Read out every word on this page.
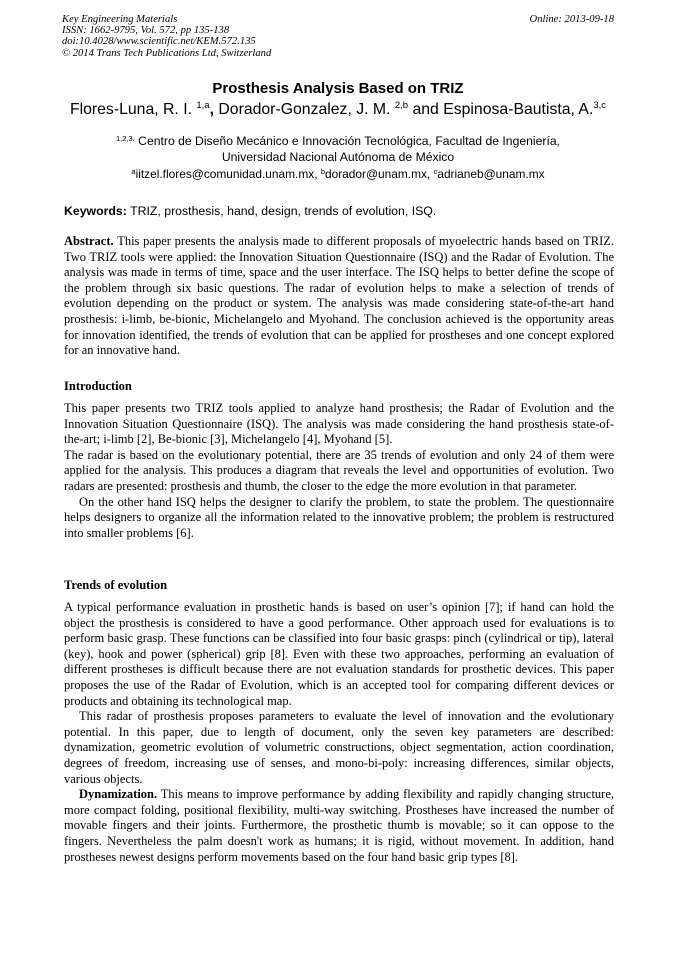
Key Engineering Materials
ISSN: 1662-9795, Vol. 572, pp 135-138
doi:10.4028/www.scientific.net/KEM.572.135
© 2014 Trans Tech Publications Ltd, Switzerland
Online: 2013-09-18
Prosthesis Analysis Based on TRIZ
Flores-Luna, R. I. $^{1,a}$, Dorador-Gonzalez, J. M. $^{2,b}$ and Espinosa-Bautista, A.$^{3,c}$
$^{1,2,3.}$ Centro de Diseño Mecánico e Innovación Tecnológica, Facultad de Ingeniería,
Universidad Nacional Autónoma de México
$^a$iitzel.flores@comunidad.unam.mx, $^b$dorador@unam.mx, $^c$adrianeb@unam.mx
Keywords: TRIZ, prosthesis, hand, design, trends of evolution, ISQ.

Abstract. This paper presents the analysis made to different proposals of myoelectric hands based on TRIZ. Two TRIZ tools were applied: the Innovation Situation Questionnaire (ISQ) and the Radar of Evolution. The analysis was made in terms of time, space and the user interface. The ISQ helps to better define the scope of the problem through six basic questions. The radar of evolution helps to make a selection of trends of evolution depending on the product or system. The analysis was made considering state-of-the-art hand prosthesis: i-limb, be-bionic, Michelangelo and Myohand. The conclusion achieved is the opportunity areas for innovation identified, the trends of evolution that can be applied for prostheses and one concept explored for an innovative hand.

Introduction

This paper presents two TRIZ tools applied to analyze hand prosthesis; the Radar of Evolution and the Innovation Situation Questionnaire (ISQ). The analysis was made considering the hand prosthesis state-of-the-art; i-limb [2], Be-bionic [3], Michelangelo [4], Myohand [5].

The radar is based on the evolutionary potential, there are 35 trends of evolution and only 24 of them were applied for the analysis. This produces a diagram that reveals the level and opportunities of evolution. Two radars are presented: prosthesis and thumb, the closer to the edge the more evolution in that parameter.

On the other hand ISQ helps the designer to clarify the problem, to state the problem. The questionnaire helps designers to organize all the information related to the innovative problem; the problem is restructured into smaller problems [6].

Trends of evolution

A typical performance evaluation in prosthetic hands is based on user’s opinion [7]; if hand can hold the object the prosthesis is considered to have a good performance. Other approach used for evaluations is to perform basic grasp. These functions can be classified into four basic grasps: pinch (cylindrical or tip), lateral (key), hook and power (spherical) grip [8]. Even with these two approaches, performing an evaluation of different prostheses is difficult because there are not evaluation standards for prosthetic devices. This paper proposes the use of the Radar of Evolution, which is an accepted tool for comparing different devices or products and obtaining its technological map.

This radar of prosthesis proposes parameters to evaluate the level of innovation and the evolutionary potential. In this paper, due to length of document, only the seven key parameters are described: dynamization, geometric evolution of volumetric constructions, object segmentation, action coordination, degrees of freedom, increasing use of senses, and mono-bi-poly: increasing differences, similar objects, various objects.

Dynamization. This means to improve performance by adding flexibility and rapidly changing structure, more compact folding, positional flexibility, multi-way switching. Prostheses have increased the number of movable fingers and their joints. Furthermore, the prosthetic thumb is movable; so it can oppose to the fingers. Nevertheless the palm doesn't work as humans; it is rigid, without movement. In addition, hand prostheses newest designs perform movements based on the four hand basic grip types [8].
